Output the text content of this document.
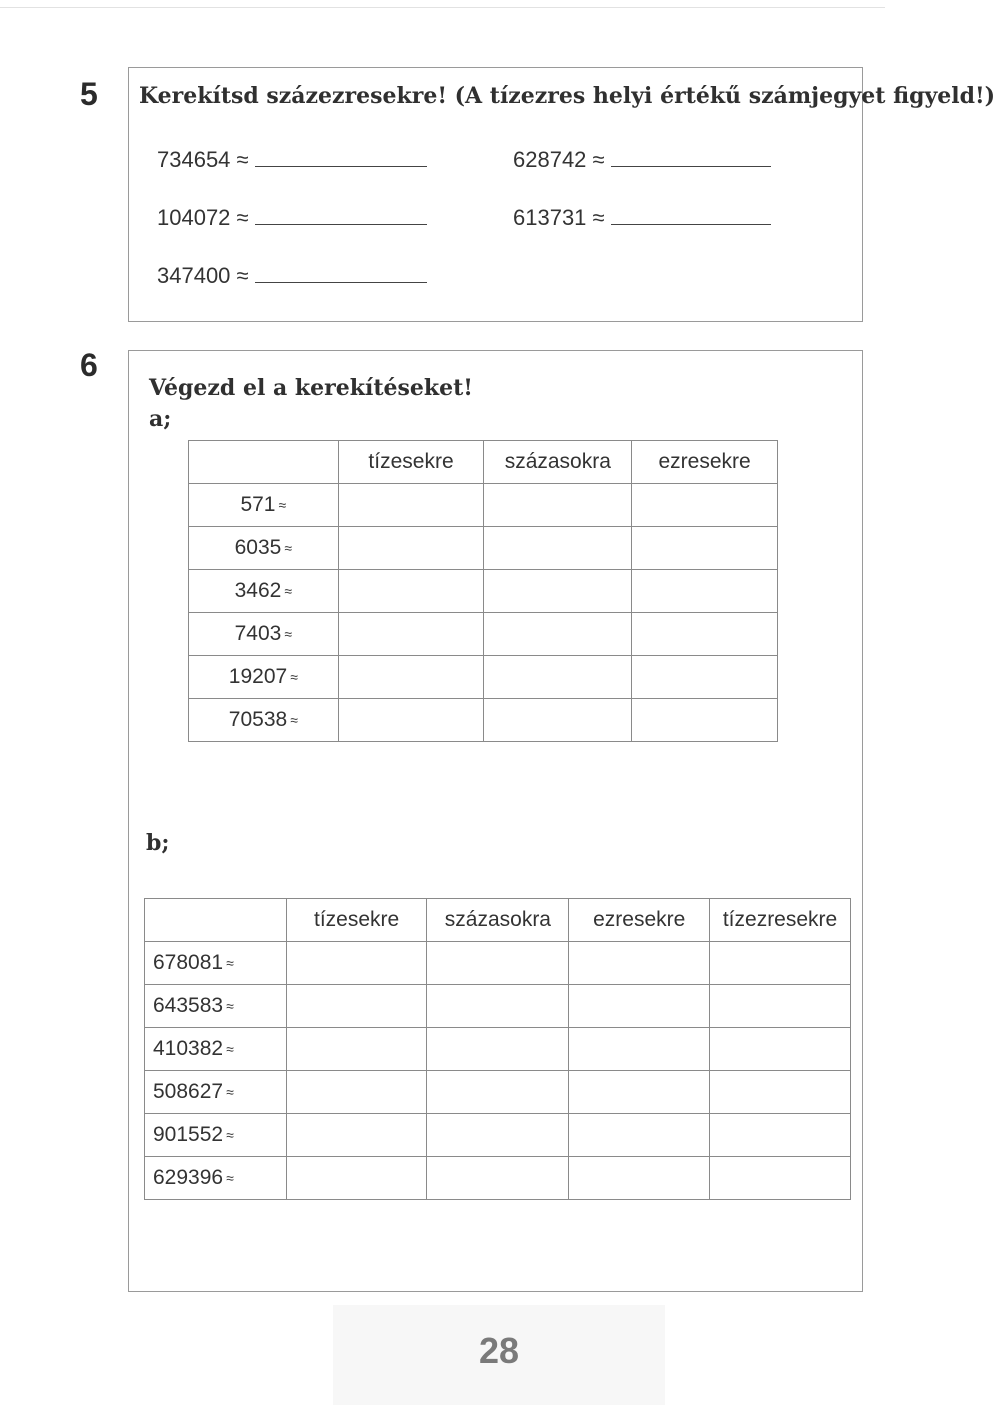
5 Kerekítsd százezresekre! (A tízezres helyi értékű számjegyet figyeld!)
734654 ≈	628742 ≈
104072 ≈	613731 ≈
347400 ≈
6
Végezd el a kerekítéseket!
a;
	tízesekre	százasokra	ezresekre
571 ≈			
6035 ≈			
3462 ≈			
7403 ≈			
19207 ≈			
70538 ≈			
b;
	tízesekre	százasokra	ezresekre	tízezresekre
678081 ≈				
643583 ≈				
410382 ≈				
508627 ≈				
901552 ≈				
629396 ≈				
28
